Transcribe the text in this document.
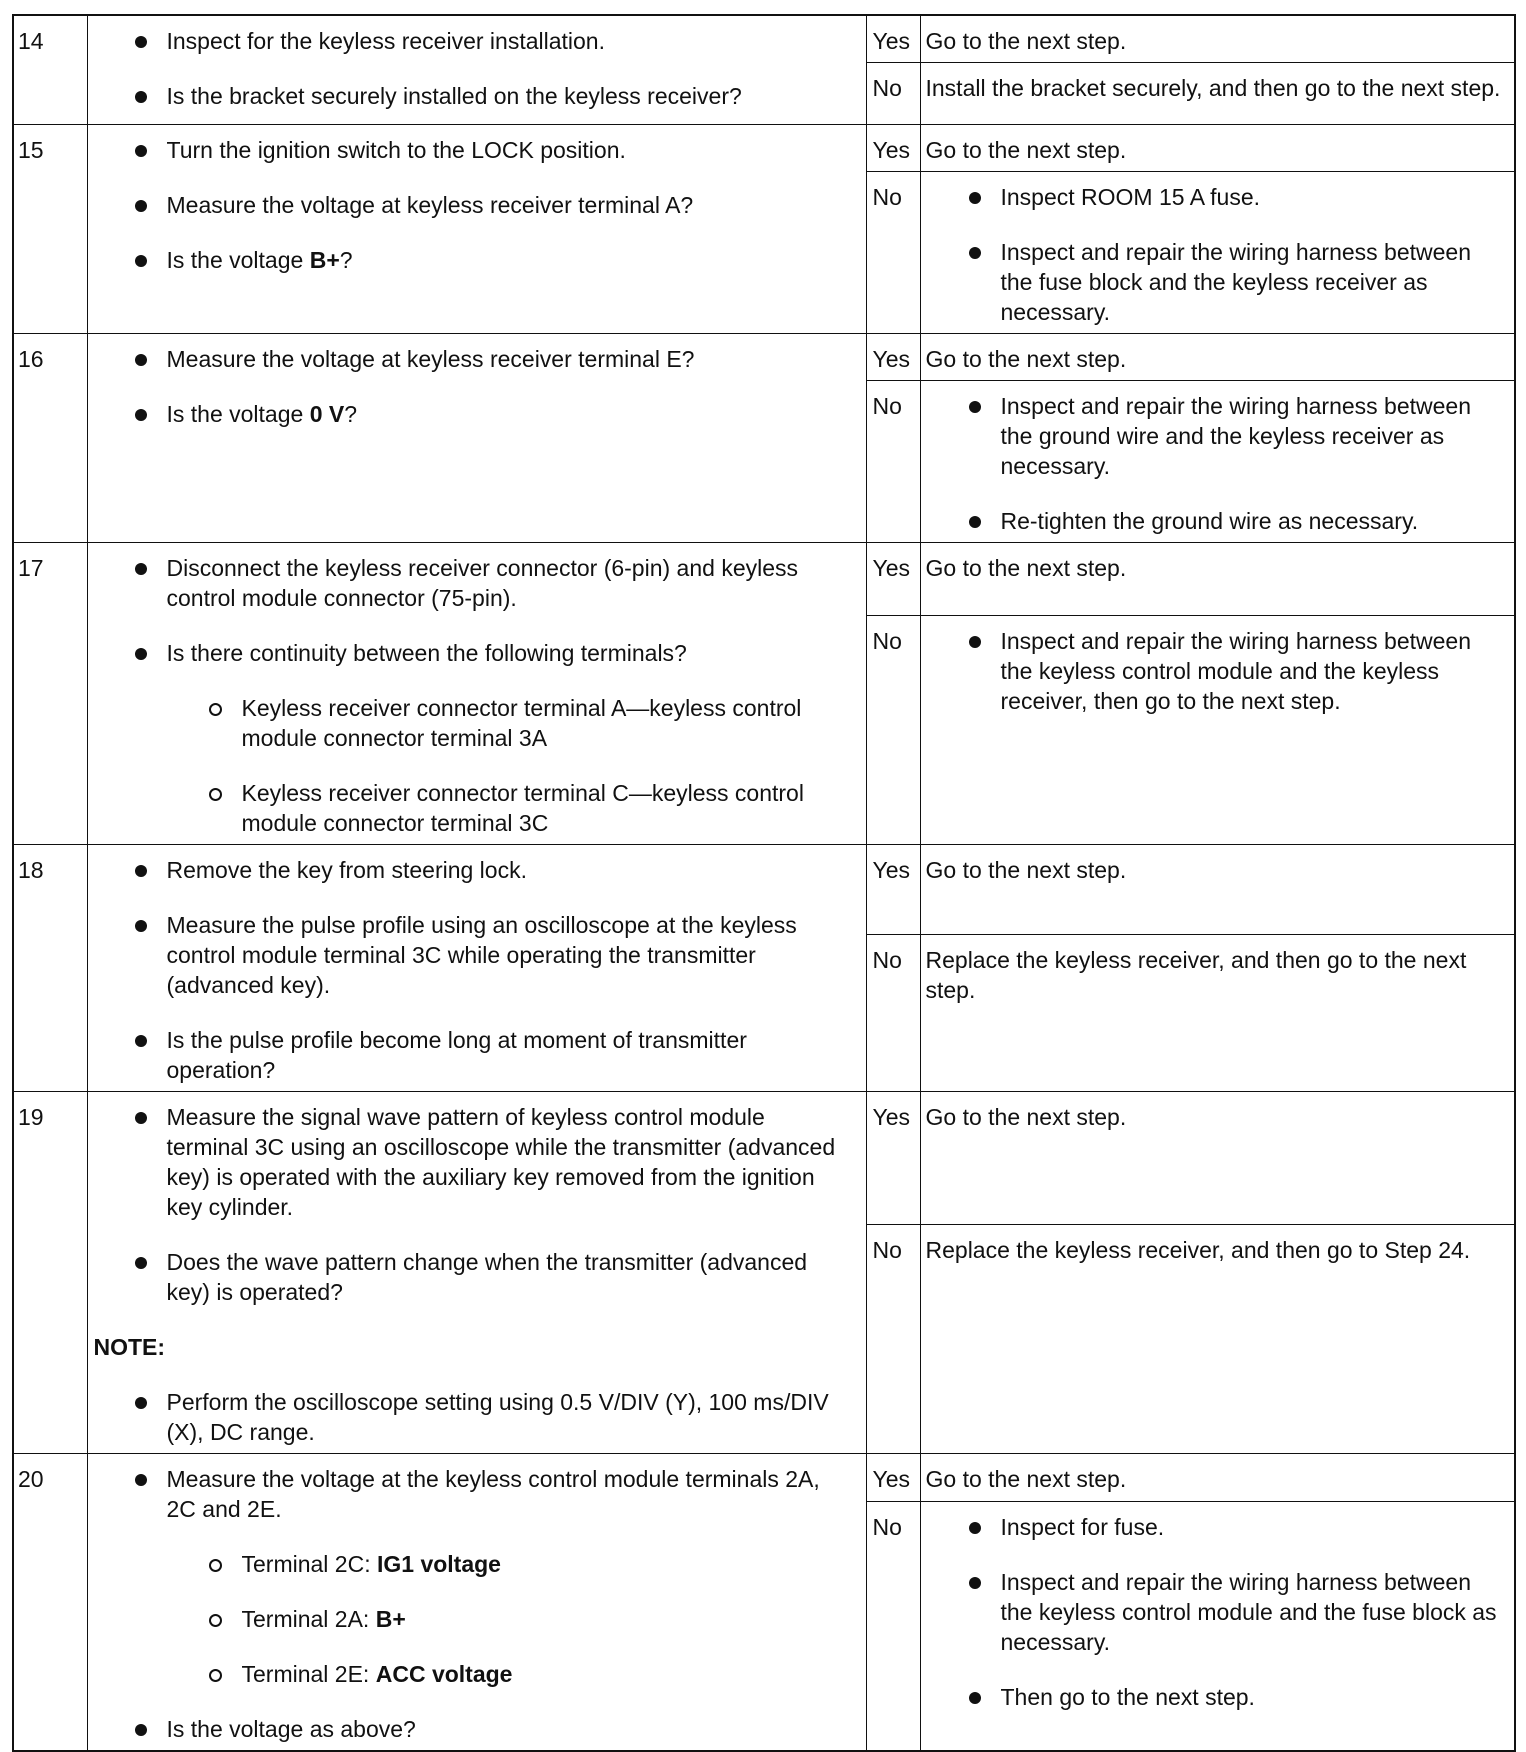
14	Inspect for the keyless receiver installation.
Is the bracket securely installed on the keyless receiver?	Yes	Go to the next step.
		No	Install the bracket securely, and then go to the next step.
15	Turn the ignition switch to the LOCK position.
Measure the voltage at keyless receiver terminal A?
Is the voltage B+?	Yes	Go to the next step.
		No	Inspect ROOM 15 A fuse.
Inspect and repair the wiring harness between the fuse block and the keyless receiver as necessary.

16	Measure the voltage at keyless receiver terminal E?
Is the voltage 0 V?	Yes	Go to the next step.
		No	Inspect and repair the wiring harness between the ground wire and the keyless receiver as necessary.
Re-tighten the ground wire as necessary.

17	Disconnect the keyless receiver connector (6-pin) and keyless control module connector (75-pin).
Is there continuity between the following terminals?
Keyless receiver connector terminal A—keyless control module connector terminal 3A
Keyless receiver connector terminal C—keyless control module connector terminal 3C	Yes	Go to the next step.
		No	Inspect and repair the wiring harness between the keyless control module and the keyless receiver, then go to the next step.

18	Remove the key from steering lock.
Measure the pulse profile using an oscilloscope at the keyless control module terminal 3C while operating the transmitter (advanced key).
Is the pulse profile become long at moment of transmitter operation?	Yes	Go to the next step.
		No	Replace the keyless receiver, and then go to the next step.
19	Measure the signal wave pattern of keyless control module terminal 3C using an oscilloscope while the transmitter (advanced key) is operated with the auxiliary key removed from the ignition key cylinder.
Does the wave pattern change when the transmitter (advanced key) is operated?
NOTE:
Perform the oscilloscope setting using 0.5 V/DIV (Y), 100 ms/DIV (X), DC range.	Yes	Go to the next step.
		No	Replace the keyless receiver, and then go to Step 24.
20	Measure the voltage at the keyless control module terminals 2A, 2C and 2E.
Terminal 2C: IG1 voltage
Terminal 2A: B+
Terminal 2E: ACC voltage
Is the voltage as above?	Yes	Go to the next step.
		No	Inspect for fuse.
Inspect and repair the wiring harness between the keyless control module and the fuse block as necessary.
Then go to the next step.
